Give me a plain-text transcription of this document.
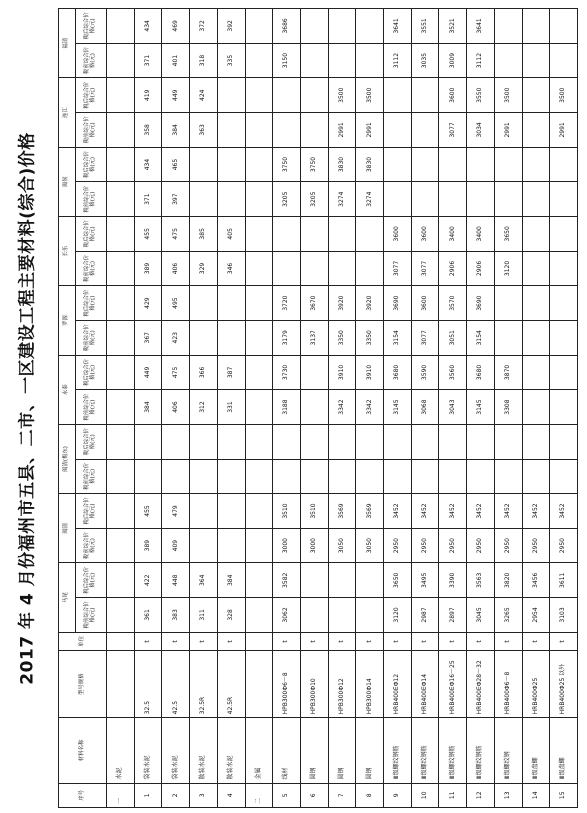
2017 年 4 月份福州市五县、二市、一区建设工程主要材料(综合)价格
序号	材料名称	型号规格	单位	马尾		闽清		闽清(梅东)		永泰		罗源		长乐		闽侯		连江		福清	
				税前综合价格(元)	税后综合价格(元)	税前综合价格(元)	税后综合价格(元)	税前综合价格(元)	税后综合价格(元)	税前综合价格(元)	税后综合价格(元)	税前综合价格(元)	税后综合价格(元)	税前综合价格(元)	税后综合价格(元)	税前综合价格(元)	税后综合价格(元)	税前综合价格(元)	税后综合价格(元)	税前综合价格(元)	税后综合价格(元)
一	水泥																				
1	袋装水泥	32.5	t	361	422	389	455			384	449	367	429	389	455	371	434	358	419	371	434
2	袋装水泥	42.5	t	383	448	409	479			406	475	423	495	406	475	397	465	384	449	401	469
3	散装水泥	32.5R	t	311	364					312	366			329	385			363	424	318	372
4	散装水泥	42.5R	t	328	384					331	387			346	405					335	392
二	金属																				
5	线材	HPB300Φ6～8	t	3062	3582	3000	3510			3188	3730	3179	3720			3205	3750			3150	3686
6	圆钢	HPB300Φ10	t			3000	3510					3137	3670			3205	3750				
7	圆钢	HPB300Φ12	t			3050	3569			3342	3910	3350	3920			3274	3830	2991	3500		
8	圆钢	HPB300Φ14	t			3050	3569			3342	3910	3350	3920			3274	3830	2991	3500		
9	Ⅲ级螺纹钢筋	HRB400EΦ12	t	3120	3650	2950	3452			3145	3680	3154	3690	3077	3600					3112	3641
10	Ⅲ级螺纹钢筋	HRB400EΦ14	t	2987	3495	2950	3452			3068	3590	3077	3600	3077	3600					3035	3551
11	Ⅲ级螺纹钢筋	HRB400EΦ16～25	t	2897	3390	2950	3452			3043	3560	3051	3570	2906	3400			3077	3600	3009	3521
12	Ⅲ级螺纹钢筋	HRB400EΦ28～32	t	3045	3563	2950	3452			3145	3680	3154	3690	2906	3400			3034	3550	3112	3641
13	Ⅲ级螺纹钢	HRB400Φ6～8	t	3265	3820	2950	3452			3308	3870			3120	3650			2991	3500		
14	Ⅲ级盘螺	HRB400Φ25	t	2954	3456	2950	3452														
15	Ⅲ级盘螺	HRB400Φ25 以外	t	3103	3611	2950	3452											2991	3500		
